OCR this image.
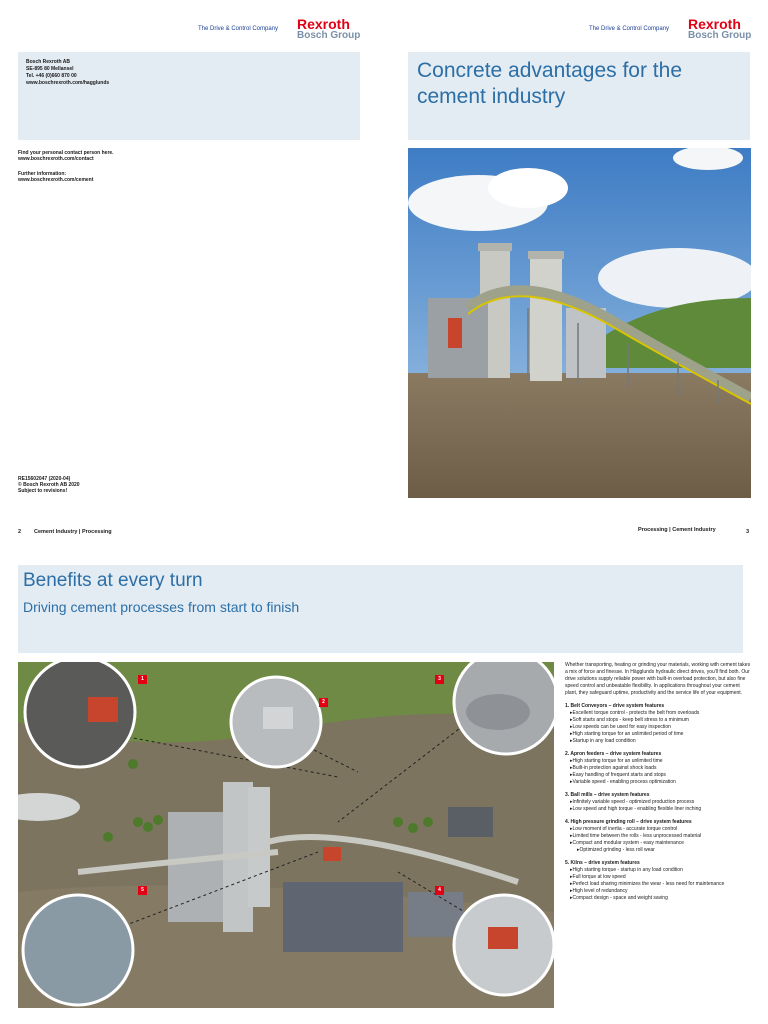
The Drive & Control Company Rexroth
Bosch Group
Bosch Rexroth AB
SE-895 80 Mellansel
Tel. +46 (0)660 870 00
www.boschrexroth.com/hagglunds
Find your personal contact person here.
www.boschrexroth.com/contact
Further information:
www.boschrexroth.com/cement
RE15602047 (2020-04)
© Bosch Rexroth AB 2020
Subject to revisions!
The Drive & Control Company Rexroth
Bosch Group
Concrete advantages for the
cement industry
2 Cement Industry | Processing	Processing | Cement Industry	3
Benefits at every turn
Driving cement processes from start to finish
1
2
3
4
5
Whether transporting, heating or grinding your materials, working with cement takes a mix of force and finesse. In Hägglunds hydraulic direct drives, you'll find both. Our drive solutions supply reliable power with built-in overload protection, but also fine speed control and unbeatable flexibility. In applications throughout your cement plant, they safeguard uptime, productivity and the service life of your equipment.
1. Belt Conveyors – drive system features
▸ Excellent torque control - protects the belt from overloads
▸ Soft starts and stops - keep belt stress to a minimum
▸ Low speeds can be used for easy inspection
▸ High starting torque for an unlimited period of time
▸ Startup in any load condition
2. Apron feeders – drive system features
▸ High starting torque for an unlimited time
▸ Built-in protection against shock loads
▸ Easy handling of frequent starts and stops
▸ Variable speed - enabling process optimization
3. Ball mills – drive system features
▸ Infinitely variable speed - optimized production process
▸ Low speed and high torque - enabling flexible liner inching
4. High pressure grinding roll – drive system features
▸ Low moment of inertia - accurate torque control
▸ Limited time between the rolls - less unprocessed material
▸ Compact and modular system - easy maintenance
▸ Optimized grinding - less roll wear
5. Kilns – drive system features
▸ High starting torque - startup in any load condition
▸ Full torque at low speed
▸ Perfect load sharing minimizes the wear - less need for maintenance
▸ High level of redundancy
▸ Compact design - space and weight saving
